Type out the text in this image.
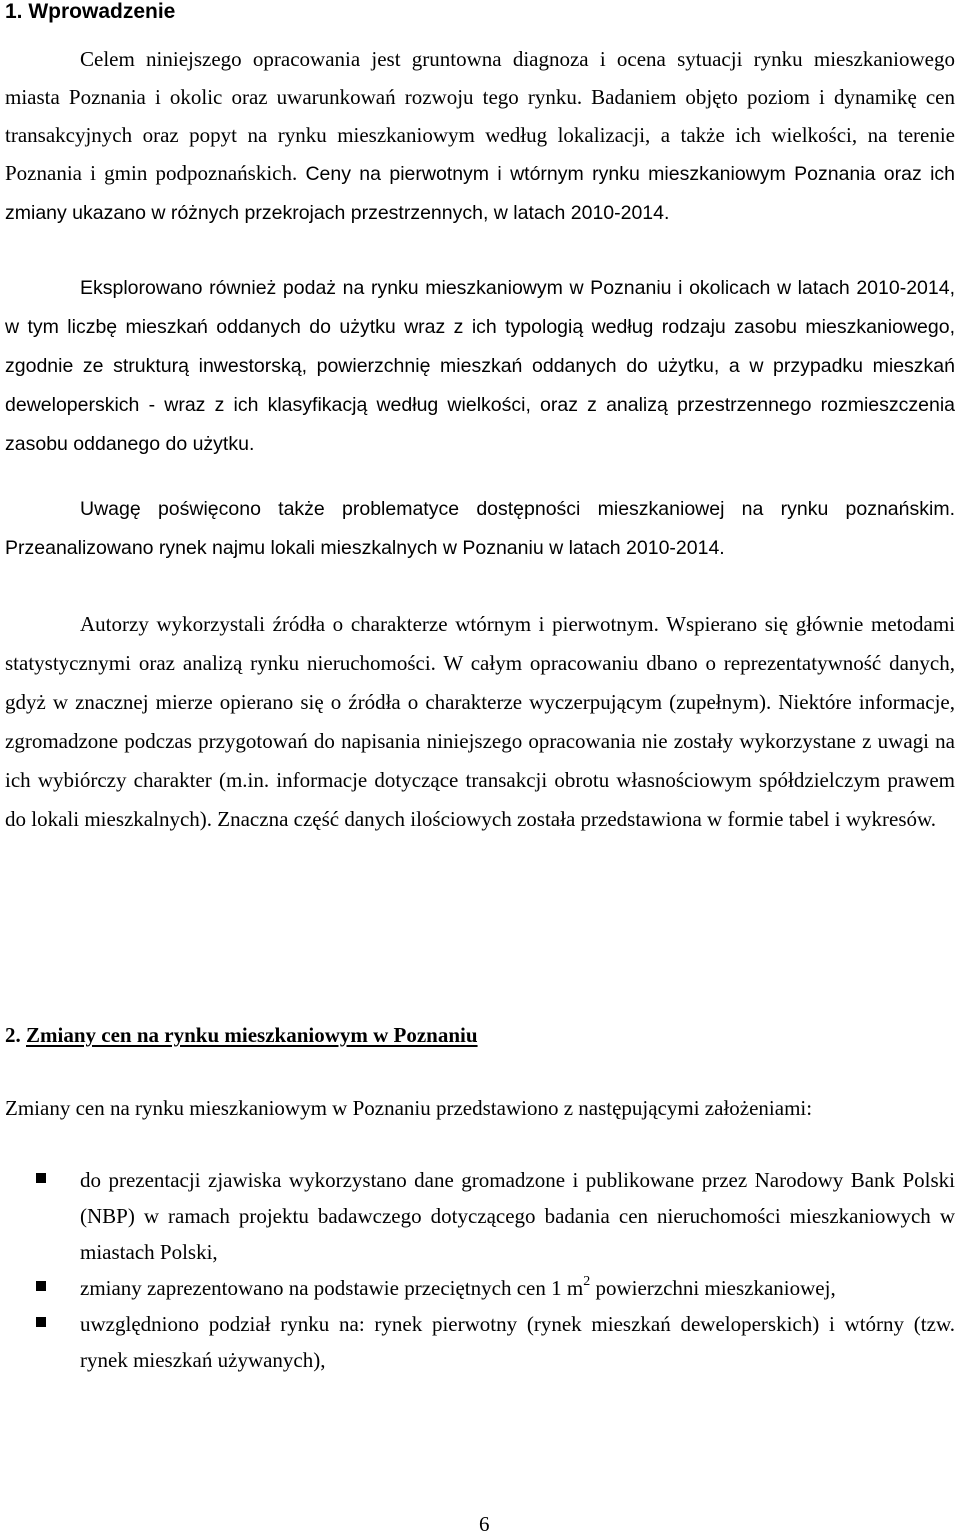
1. Wprowadzenie

Celem niniejszego opracowania jest gruntowna diagnoza i ocena sytuacji rynku mieszkaniowego miasta Poznania i okolic oraz uwarunkowań rozwoju tego rynku. Badaniem objęto poziom i dynamikę cen transakcyjnych oraz popyt na rynku mieszkaniowym według lokalizacji, a także ich wielkości, na terenie Poznania i gmin podpoznańskich. Ceny na pierwotnym i wtórnym rynku mieszkaniowym Poznania oraz ich zmiany ukazano w różnych przekrojach przestrzennych, w latach 2010-2014.

Eksplorowano również podaż na rynku mieszkaniowym w Poznaniu i okolicach w latach 2010-2014, w tym liczbę mieszkań oddanych do użytku wraz z ich typologią według rodzaju zasobu mieszkaniowego, zgodnie ze strukturą inwestorską, powierzchnię mieszkań oddanych do użytku, a w przypadku mieszkań deweloperskich - wraz z ich klasyfikacją według wielkości, oraz z analizą przestrzennego rozmieszczenia zasobu oddanego do użytku.

Uwagę poświęcono także problematyce dostępności mieszkaniowej na rynku poznańskim. Przeanalizowano rynek najmu lokali mieszkalnych w Poznaniu w latach 2010-2014.

Autorzy wykorzystali źródła o charakterze wtórnym i pierwotnym. Wspierano się głównie metodami statystycznymi oraz analizą rynku nieruchomości. W całym opracowaniu dbano o reprezentatywność danych, gdyż w znacznej mierze opierano się o źródła o charakterze wyczerpującym (zupełnym). Niektóre informacje, zgromadzone podczas przygotowań do napisania niniejszego opracowania nie zostały wykorzystane z uwagi na ich wybiórczy charakter (m.in. informacje dotyczące transakcji obrotu własnościowym spółdzielczym prawem do lokali mieszkalnych). Znaczna część danych ilościowych została przedstawiona w formie tabel i wykresów.

2. Zmiany cen na rynku mieszkaniowym w Poznaniu

Zmiany cen na rynku mieszkaniowym w Poznaniu przedstawiono z następującymi założeniami:

do prezentacji zjawiska wykorzystano dane gromadzone i publikowane przez Narodowy Bank Polski (NBP) w ramach projektu badawczego dotyczącego badania cen nieruchomości mieszkaniowych w miastach Polski,
zmiany zaprezentowano na podstawie przeciętnych cen 1 $m^2$ powierzchni mieszkaniowej,
uwzględniono podział rynku na: rynek pierwotny (rynek mieszkań deweloperskich) i wtórny (tzw. rynek mieszkań używanych),
6
